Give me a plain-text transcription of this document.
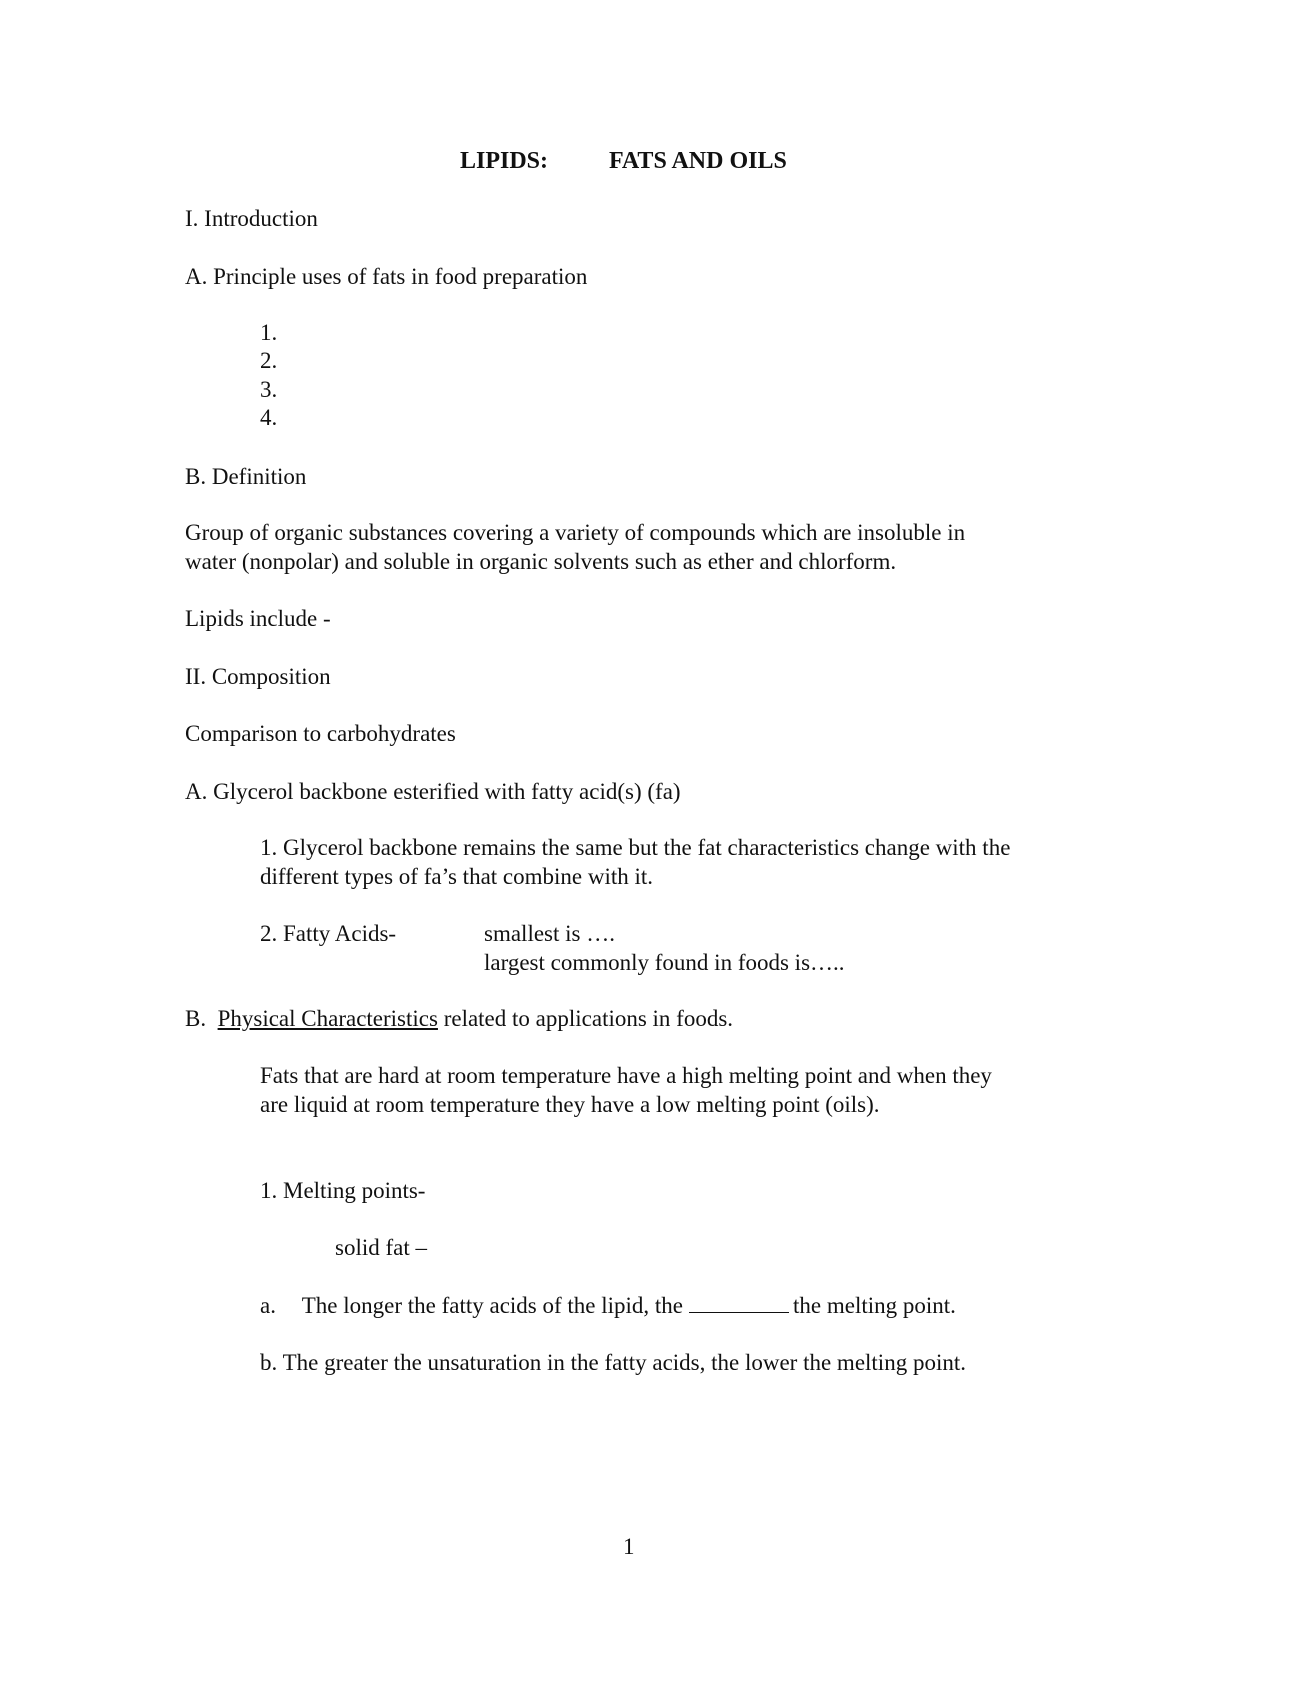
LIPIDS:	FATS AND OILS
I. Introduction
A. Principle uses of fats in food preparation
1.
2.
3.
4.
B. Definition
Group of organic substances covering a variety of compounds which are insoluble in
water (nonpolar) and soluble in organic solvents such as ether and chlorform.
Lipids include -
II. Composition
Comparison to carbohydrates
A. Glycerol backbone esterified with fatty acid(s) (fa)
1. Glycerol backbone remains the same but the fat characteristics change with the
different types of fa’s that combine with it.
2. Fatty Acids-	smallest is ….
largest commonly found in foods is…..
B. Physical Characteristics related to applications in foods.
Fats that are hard at room temperature have a high melting point and when they
are liquid at room temperature they have a low melting point (oils).
1. Melting points-
solid fat –
a. The longer the fatty acids of the lipid, the	the melting point.
b. The greater the unsaturation in the fatty acids, the lower the melting point.
1
